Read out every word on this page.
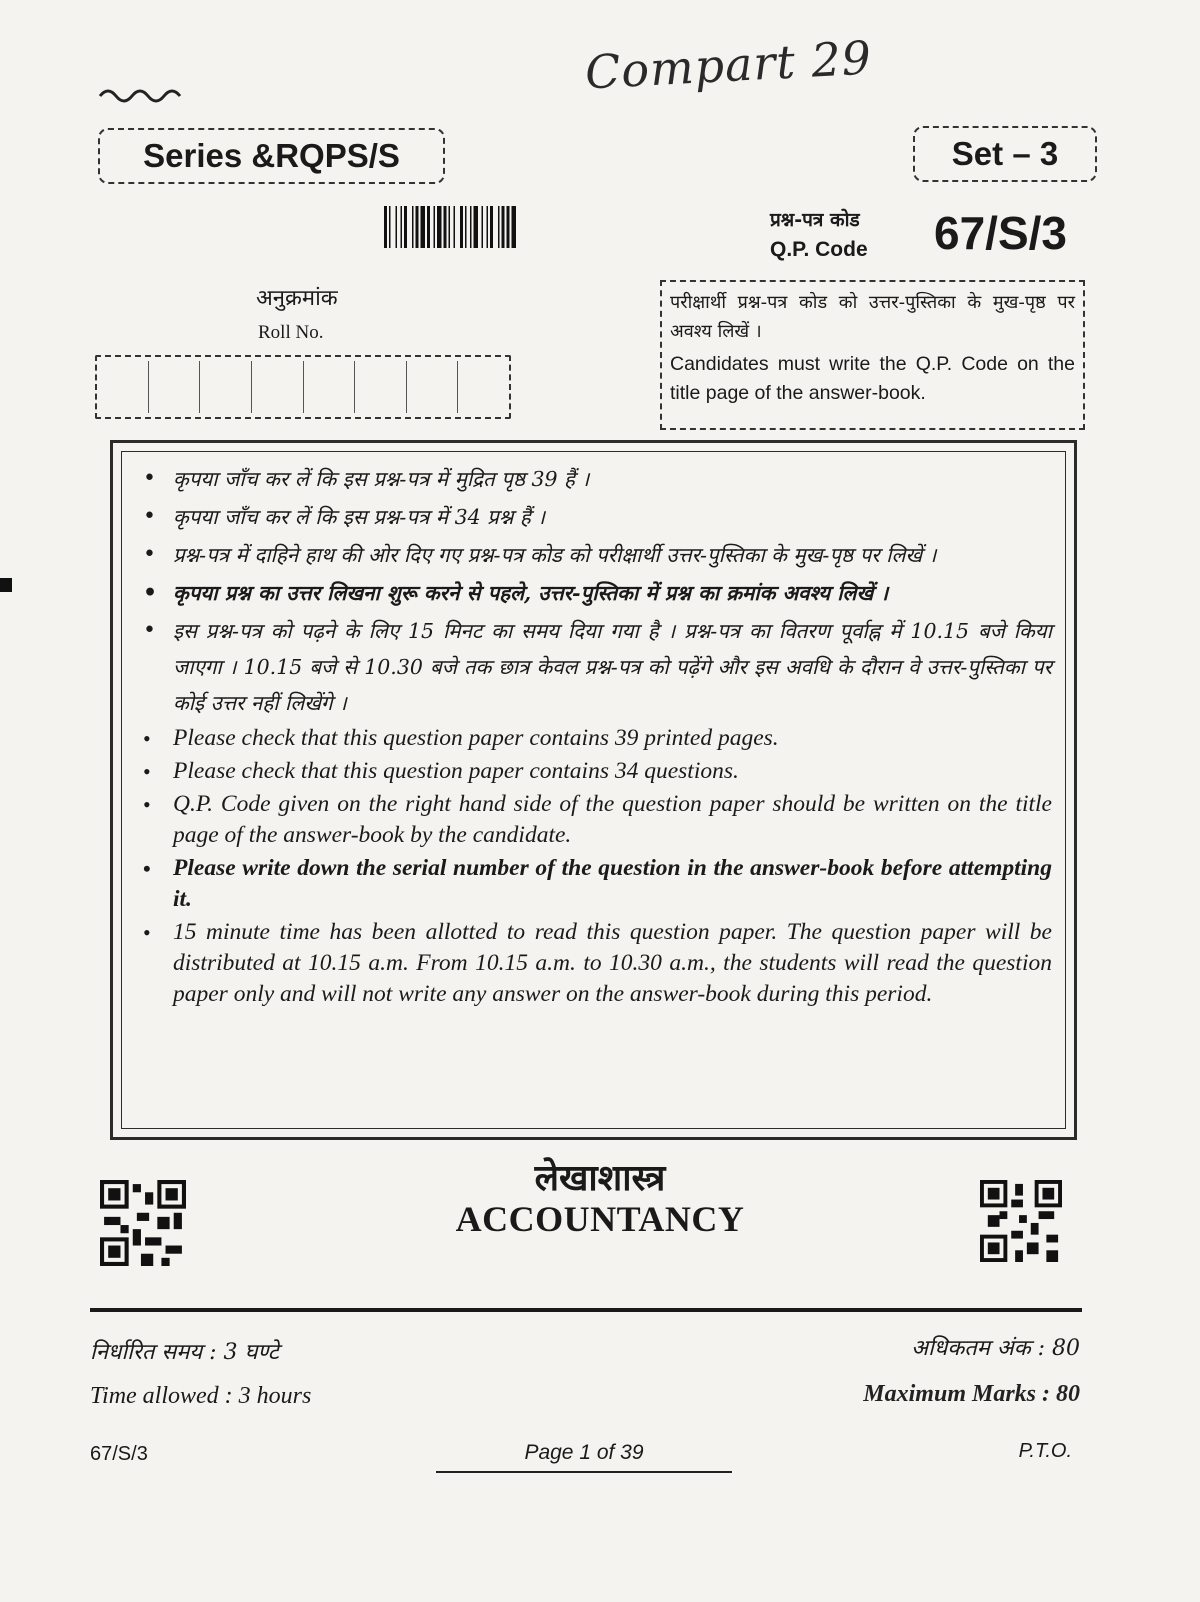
Compart 29
Series &RQPS/S	Set – 3
प्रश्न-पत्र कोड
Q.P. Code 67/S/3
अनुक्रमांक
Roll No.
परीक्षार्थी प्रश्न-पत्र कोड को उत्तर-पुस्तिका के मुख-पृष्ठ पर अवश्य लिखें ।
Candidates must write the Q.P. Code on the title page of the answer-book.
• कृपया जाँच कर लें कि इस प्रश्न-पत्र में मुद्रित पृष्ठ 39 हैं ।
• कृपया जाँच कर लें कि इस प्रश्न-पत्र में 34 प्रश्न हैं ।
• प्रश्न-पत्र में दाहिने हाथ की ओर दिए गए प्रश्न-पत्र कोड को परीक्षार्थी उत्तर-पुस्तिका के मुख-पृष्ठ पर लिखें ।
• कृपया प्रश्न का उत्तर लिखना शुरू करने से पहले, उत्तर-पुस्तिका में प्रश्न का क्रमांक अवश्य लिखें ।
• इस प्रश्न-पत्र को पढ़ने के लिए 15 मिनट का समय दिया गया है । प्रश्न-पत्र का वितरण पूर्वाह्न में 10.15 बजे किया जाएगा । 10.15 बजे से 10.30 बजे तक छात्र केवल प्रश्न-पत्र को पढ़ेंगे और इस अवधि के दौरान वे उत्तर-पुस्तिका पर कोई उत्तर नहीं लिखेंगे ।
• Please check that this question paper contains 39 printed pages.
• Please check that this question paper contains 34 questions.
• Q.P. Code given on the right hand side of the question paper should be written on the title page of the answer-book by the candidate.
• Please write down the serial number of the question in the answer-book before attempting it.
• 15 minute time has been allotted to read this question paper. The question paper will be distributed at 10.15 a.m. From 10.15 a.m. to 10.30 a.m., the students will read the question paper only and will not write any answer on the answer-book during this period.
लेखाशास्त्र
ACCOUNTANCY
निर्धारित समय : 3 घण्टे
Time allowed : 3 hours
अधिकतम अंक : 80
Maximum Marks : 80
67/S/3	Page 1 of 39	P.T.O.
